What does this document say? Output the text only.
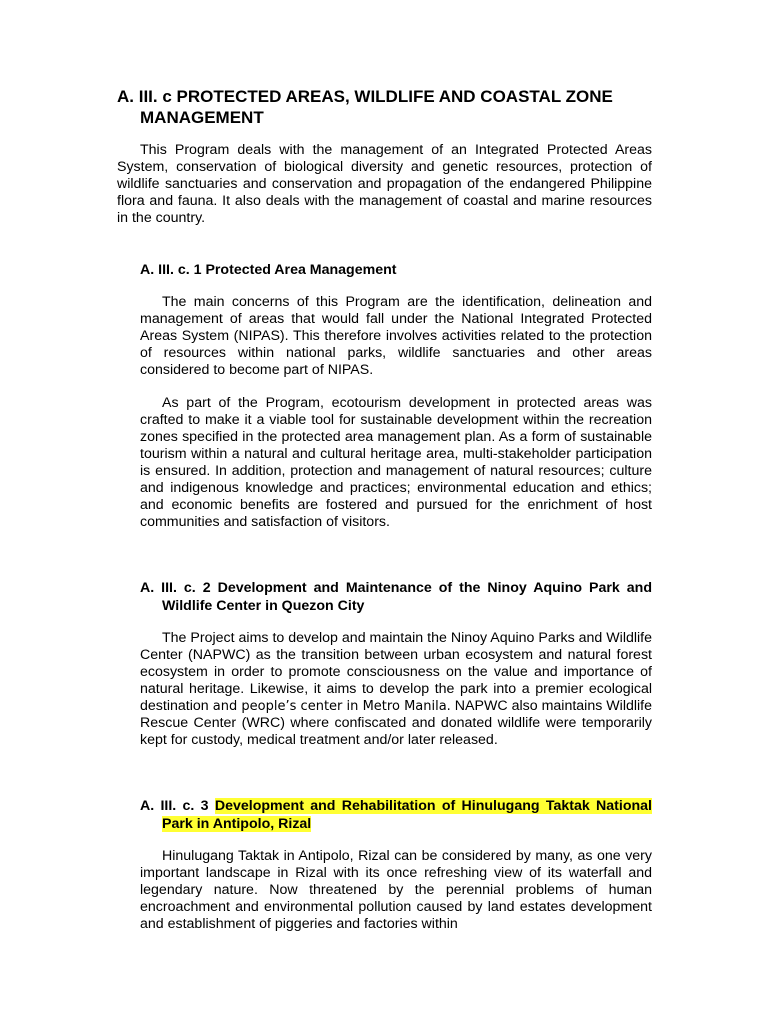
A. III. c PROTECTED AREAS, WILDLIFE AND COASTAL ZONE MANAGEMENT

This Program deals with the management of an Integrated Protected Areas System, conservation of biological diversity and genetic resources, protection of wildlife sanctuaries and conservation and propagation of the endangered Philippine flora and fauna. It also deals with the management of coastal and marine resources in the country.

A. III. c. 1 Protected Area Management

The main concerns of this Program are the identification, delineation and management of areas that would fall under the National Integrated Protected Areas System (NIPAS). This therefore involves activities related to the protection of resources within national parks, wildlife sanctuaries and other areas considered to become part of NIPAS.

As part of the Program, ecotourism development in protected areas was crafted to make it a viable tool for sustainable development within the recreation zones specified in the protected area management plan. As a form of sustainable tourism within a natural and cultural heritage area, multi-stakeholder participation is ensured. In addition, protection and management of natural resources; culture and indigenous knowledge and practices; environmental education and ethics; and economic benefits are fostered and pursued for the enrichment of host communities and satisfaction of visitors.

A. III. c. 2 Development and Maintenance of the Ninoy Aquino Park and Wildlife Center in Quezon City

The Project aims to develop and maintain the Ninoy Aquino Parks and Wildlife Center (NAPWC) as the transition between urban ecosystem and natural forest ecosystem in order to promote consciousness on the value and importance of natural heritage. Likewise, it aims to develop the park into a premier ecological destination and people’s center in Metro Manila. NAPWC also maintains Wildlife Rescue Center (WRC) where confiscated and donated wildlife were temporarily kept for custody, medical treatment and/or later released.

A. III. c. 3 Development and Rehabilitation of Hinulugang Taktak National Park in Antipolo, Rizal

Hinulugang Taktak in Antipolo, Rizal can be considered by many, as one very important landscape in Rizal with its once refreshing view of its waterfall and legendary nature. Now threatened by the perennial problems of human encroachment and environmental pollution caused by land estates development and establishment of piggeries and factories within
